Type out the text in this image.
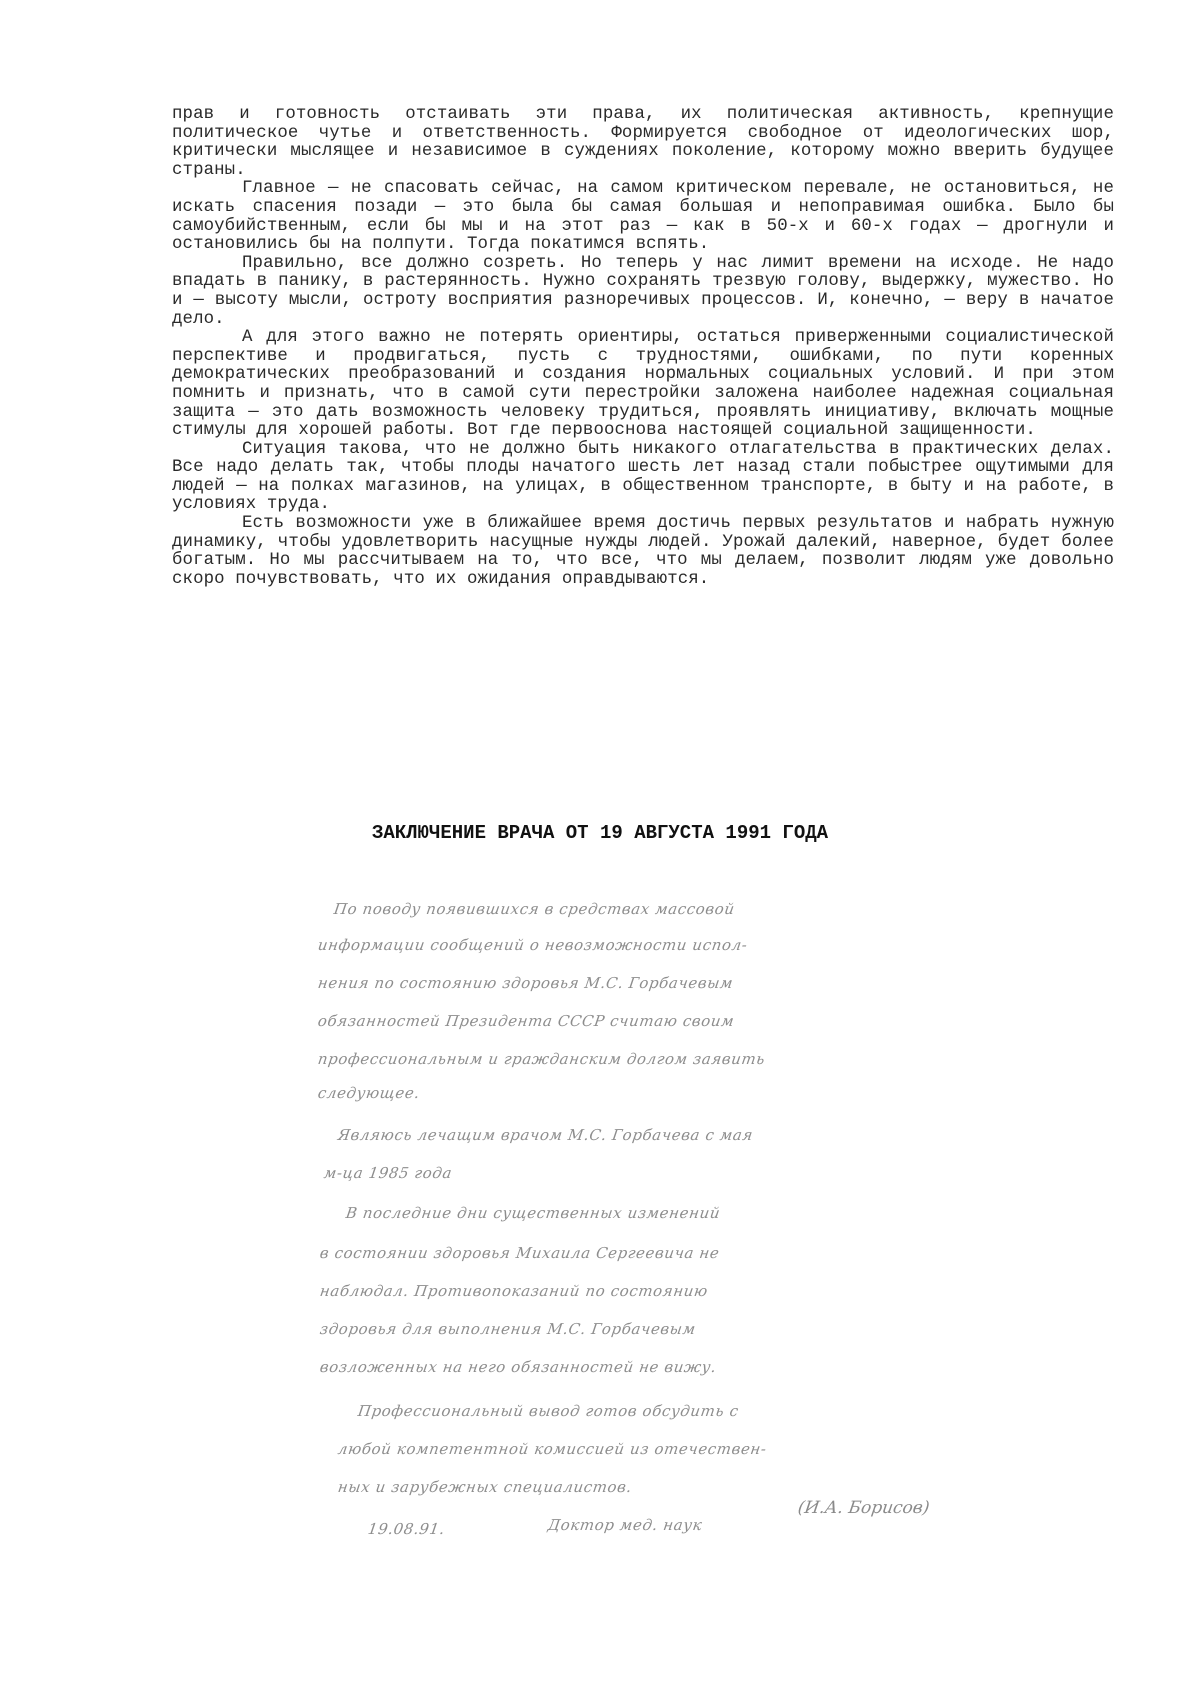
прав и готовность отстаивать эти права, их политическая активность, крепнущие политическое чутье и ответственность. Формируется свободное от идеологических шор, критически мыслящее и независимое в суждениях поколение, которому можно вверить будущее страны.

Главное — не спасовать сейчас, на самом критическом перевале, не остановиться, не искать спасения позади — это была бы самая большая и непоправимая ошибка. Было бы самоубийственным, если бы мы и на этот раз — как в 50-х и 60-х годах — дрогнули и остановились бы на полпути. Тогда покатимся вспять.

Правильно, все должно созреть. Но теперь у нас лимит времени на исходе. Не надо впадать в панику, в растерянность. Нужно сохранять трезвую голову, выдержку, мужество. Но и — высоту мысли, остроту восприятия разноречивых процессов. И, конечно, — веру в начатое дело.

А для этого важно не потерять ориентиры, остаться приверженными социалистической перспективе и продвигаться, пусть с трудностями, ошибками, по пути коренных демократических преобразований и создания нормальных социальных условий. И при этом помнить и признать, что в самой сути перестройки заложена наиболее надежная социальная защита — это дать возможность человеку трудиться, проявлять инициативу, включать мощные стимулы для хорошей работы. Вот где первооснова настоящей социальной защищенности.

Ситуация такова, что не должно быть никакого отлагательства в практических делах. Все надо делать так, чтобы плоды начатого шесть лет назад стали побыстрее ощутимыми для людей — на полках магазинов, на улицах, в общественном транспорте, в быту и на работе, в условиях труда.

Есть возможности уже в ближайшее время достичь первых результатов и набрать нужную динамику, чтобы удовлетворить насущные нужды людей. Урожай далекий, наверное, будет более богатым. Но мы рассчитываем на то, что все, что мы делаем, позволит людям уже довольно скоро почувствовать, что их ожидания оправдываются.

ЗАКЛЮЧЕНИЕ ВРАЧА ОТ 19 АВГУСТА 1991 ГОДА
По поводу появившихся в средствах массовой
информации сообщений о невозможности испол-
нения по состоянию здоровья М.С. Горбачевым
обязанностей Президента СССР считаю своим
профессиональным и гражданским долгом заявить
следующее.
Являюсь лечащим врачом М.С. Горбачева с мая
м-ца 1985 года
В последние дни существенных изменений
в состоянии здоровья Михаила Сергеевича не
наблюдал. Противопоказаний по состоянию
здоровья для выполнения М.С. Горбачевым
возложенных на него обязанностей не вижу.
Профессиональный вывод готов обсудить с
любой компетентной комиссией из отечествен-
ных и зарубежных специалистов.
19.08.91.	Доктор мед. наук
(И.А. Борисов)
